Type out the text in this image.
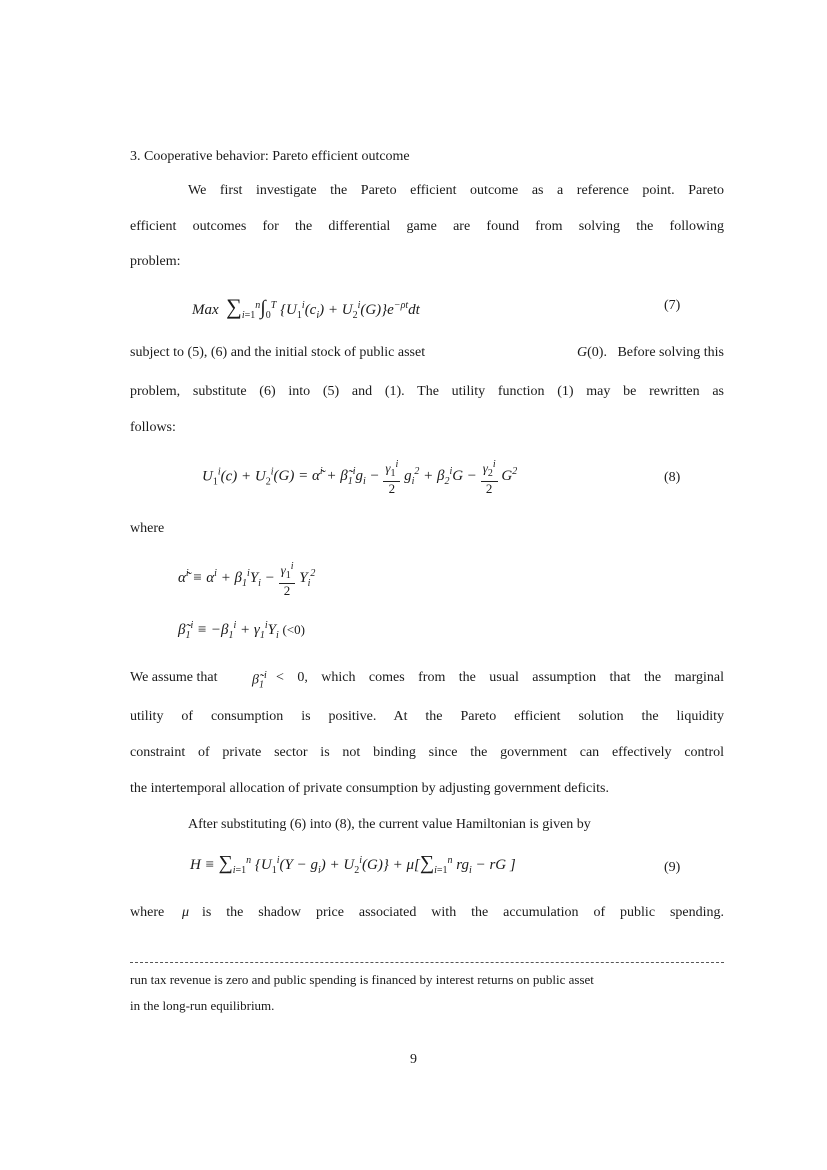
3. Cooperative behavior: Pareto efficient outcome
We first investigate the Pareto efficient outcome as a reference point. Pareto
efficient outcomes for the differential game are found from solving the following
problem:
Max $\sum_{i=1}^n\int_0^T$ $\{U_1^i(c_i) + U_2^i(G)\}e^{-\rho t}dt$	(7)
subject to (5), (6) and the initial stock of public asset	G(0).   Before solving this
problem, substitute (6) into (5) and (1). The utility function (1) may be rewritten as
follows:
$U_1^i(c) + U_2^i(G)$ = α̃$^i$ + $\betã_1^ig_i - \frac{\gamma_1^i}{2} g_i^2 + \beta_2^iG - \frac{\gamma_2^i}{2} G^2$	(8)
where
α̃$^i$ ≡ $\alpha^i + \beta_1^iY_i - \frac{\gamma_1^i}{2} Y_i^2$
$\betã_1^i \equiv -\beta_1^i + \gamma_1^iY_i$ (<0)
We assume that	$\betã_1^i < 0$, which comes from the usual assumption that the marginal
utility of consumption is positive. At the Pareto efficient solution the liquidity
constraint of private sector is not binding since the government can effectively control
the intertemporal allocation of private consumption by adjusting government deficits.
After substituting (6) into (8), the current value Hamiltonian is given by
$H \equiv \sum_{i=1}^n$ $\{U_1^i(Y - g_i) + U_2^i(G)\} + \mu[\sum_{i=1}^n$ $rg_i$ − rG ]	(9)
where	μ is the shadow price associated with the accumulation of public spending.
run tax revenue is zero and public spending is financed by interest returns on public asset
in the long-run equilibrium.
9
